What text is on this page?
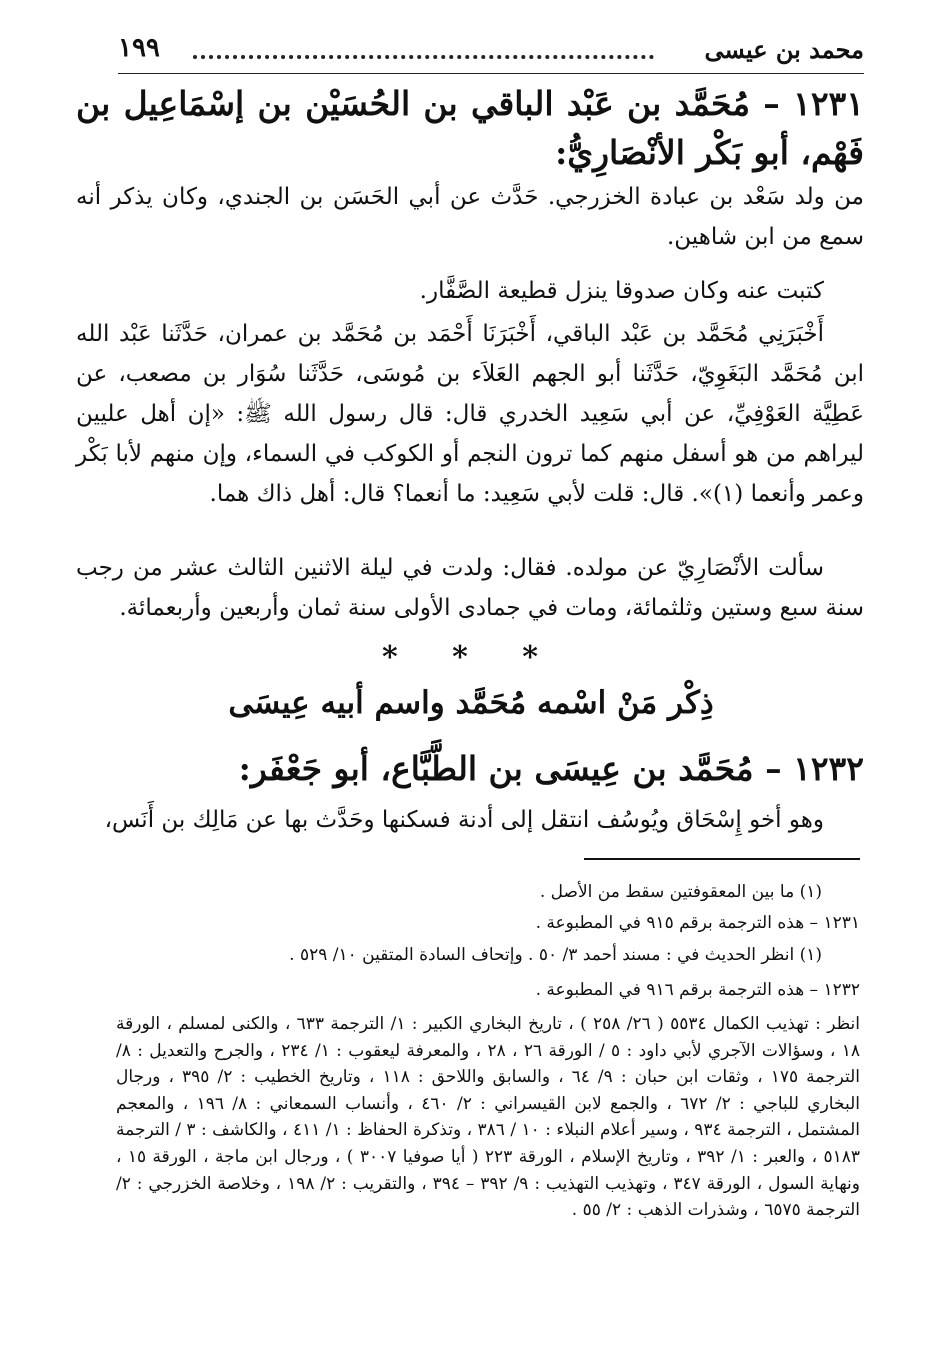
محمد بن عيسى
١٩٩
١٢٣١ – مُحَمَّد بن عَبْد الباقي بن الحُسَيْن بن إسْمَاعِيل بن فَهْم، أبو بَكْر الأنْصَارِيُّ:
من ولد سَعْد بن عبادة الخزرجي. حَدَّث عن أبي الحَسَن بن الجندي، وكان يذكر أنه سمع من ابن شاهين.
كتبت عنه وكان صدوقا ينزل قطيعة الصَّفَّار.
أَخْبَرَنِي مُحَمَّد بن عَبْد الباقي، أَخْبَرَنَا أَحْمَد بن مُحَمَّد بن عمران، حَدَّثَنا عَبْد الله ابن مُحَمَّد البَغَوِيّ، حَدَّثَنا أبو الجهم العَلاَء بن مُوسَى، حَدَّثَنا سُوَار بن مصعب، عن عَطِيَّة العَوْفِيِّ، عن أبي سَعِيد الخدري قال: قال رسول الله ﷺ: «إن أهل عليين ليراهم من هو أسفل منهم كما ترون النجم أو الكوكب في السماء، وإن منهم لأبا بَكْر وعمر وأنعما (١)». قال: قلت لأبي سَعِيد: ما أنعما؟ قال: أهل ذاك هما.
سألت الأنْصَارِيّ عن مولده. فقال: ولدت في ليلة الاثنين الثالث عشر من رجب سنة سبع وستين وثلثمائة، ومات في جمادى الأولى سنة ثمان وأربعين وأربعمائة.
* * *
ذِكْر مَنْ اسْمه مُحَمَّد واسم أبيه عِيسَى
١٢٣٢ – مُحَمَّد بن عِيسَى بن الطَّبَّاع، أبو جَعْفَر:
وهو أخو إِسْحَاق ويُوسُف انتقل إلى أدنة فسكنها وحَدَّث بها عن مَالِك بن أَنَس،
(١) ما بين المعقوفتين سقط من الأصل .
١٢٣١ – هذه الترجمة برقم ٩١٥ في المطبوعة .
(١) انظر الحديث في : مسند أحمد ٣/ ٥٠ . وإتحاف السادة المتقين ١٠/ ٥٢٩ .
١٢٣٢ – هذه الترجمة برقم ٩١٦ في المطبوعة .
انظر : تهذيب الكمال ٥٥٣٤ ( ٢٦/ ٢٥٨ ) ، تاريخ البخاري الكبير : ١/ الترجمة ٦٣٣ ، والكنى لمسلم ، الورقة ١٨ ، وسؤالات الآجري لأبي داود : ٥ / الورقة ٢٦ ، ٢٨ ، والمعرفة ليعقوب : ١/ ٢٣٤ ، والجرح والتعديل : ٨/ الترجمة ١٧٥ ، وثقات ابن حبان : ٩/ ٦٤ ، والسابق واللاحق : ١١٨ ، وتاريخ الخطيب : ٢/ ٣٩٥ ، ورجال البخاري للباجي : ٢/ ٦٧٢ ، والجمع لابن القيسراني : ٢/ ٤٦٠ ، وأنساب السمعاني : ٨/ ١٩٦ ، والمعجم المشتمل ، الترجمة ٩٣٤ ، وسير أعلام النبلاء : ١٠ / ٣٨٦ ، وتذكرة الحفاظ : ١/ ٤١١ ، والكاشف : ٣ / الترجمة ٥١٨٣ ، والعبر : ١/ ٣٩٢ ، وتاريخ الإسلام ، الورقة ٢٢٣ ( أيا صوفيا ٣٠٠٧ ) ، ورجال ابن ماجة ، الورقة ١٥ ، ونهاية السول ، الورقة ٣٤٧ ، وتهذيب التهذيب : ٩/ ٣٩٢ – ٣٩٤ ، والتقريب : ٢/ ١٩٨ ، وخلاصة الخزرجي : ٢/ الترجمة ٦٥٧٥ ، وشذرات الذهب : ٢/ ٥٥ .
